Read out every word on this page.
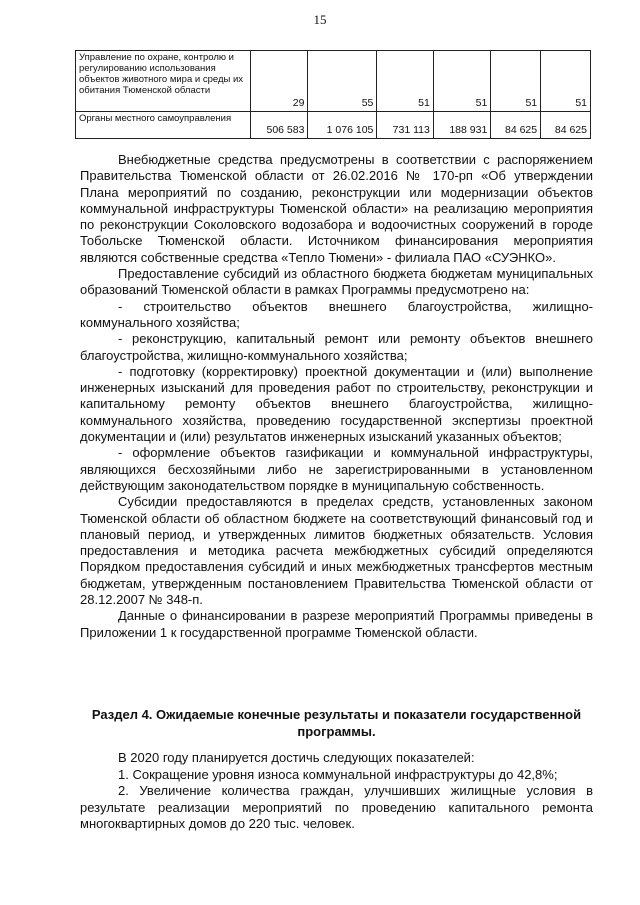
15
Управление по охране, контролю и регулированию использования объектов животного мира и среды их обитания Тюменской области	29	55	51	51	51	51
Органы местного самоуправления	506 583	1 076 105	731 113	188 931	84 625	84 625

Внебюджетные средства предусмотрены в соответствии с распоряжением Правительства Тюменской области от 26.02.2016 № 170-рп «Об утверждении Плана мероприятий по созданию, реконструкции или модернизации объектов коммунальной инфраструктуры Тюменской области» на реализацию мероприятия по реконструкции Соколовского водозабора и водоочистных сооружений в городе Тобольске Тюменской области. Источником финансирования мероприятия являются собственные средства «Тепло Тюмени» - филиала ПАО «СУЭНКО».

Предоставление субсидий из областного бюджета бюджетам муниципальных образований Тюменской области в рамках Программы предусмотрено на:

- строительство объектов внешнего благоустройства, жилищно-коммунального хозяйства;

- реконструкцию, капитальный ремонт или ремонту объектов внешнего благоустройства, жилищно-коммунального хозяйства;

- подготовку (корректировку) проектной документации и (или) выполнение инженерных изысканий для проведения работ по строительству, реконструкции и капитальному ремонту объектов внешнего благоустройства, жилищно-коммунального хозяйства, проведению государственной экспертизы проектной документации и (или) результатов инженерных изысканий указанных объектов;

- оформление объектов газификации и коммунальной инфраструктуры, являющихся бесхозяйными либо не зарегистрированными в установленном действующим законодательством порядке в муниципальную собственность.

Субсидии предоставляются в пределах средств, установленных законом Тюменской области об областном бюджете на соответствующий финансовый год и плановый период, и утвержденных лимитов бюджетных обязательств. Условия предоставления и методика расчета межбюджетных субсидий определяются Порядком предоставления субсидий и иных межбюджетных трансфертов местным бюджетам, утвержденным постановлением Правительства Тюменской области от 28.12.2007 № 348-п.

Данные о финансировании в разрезе мероприятий Программы приведены в Приложении 1 к государственной программе Тюменской области.

Раздел 4. Ожидаемые конечные результаты и показатели государственной программы.

В 2020 году планируется достичь следующих показателей:

1. Сокращение уровня износа коммунальной инфраструктуры до 42,8%;

2. Увеличение количества граждан, улучшивших жилищные условия в результате реализации мероприятий по проведению капитального ремонта многоквартирных домов до 220 тыс. человек.
